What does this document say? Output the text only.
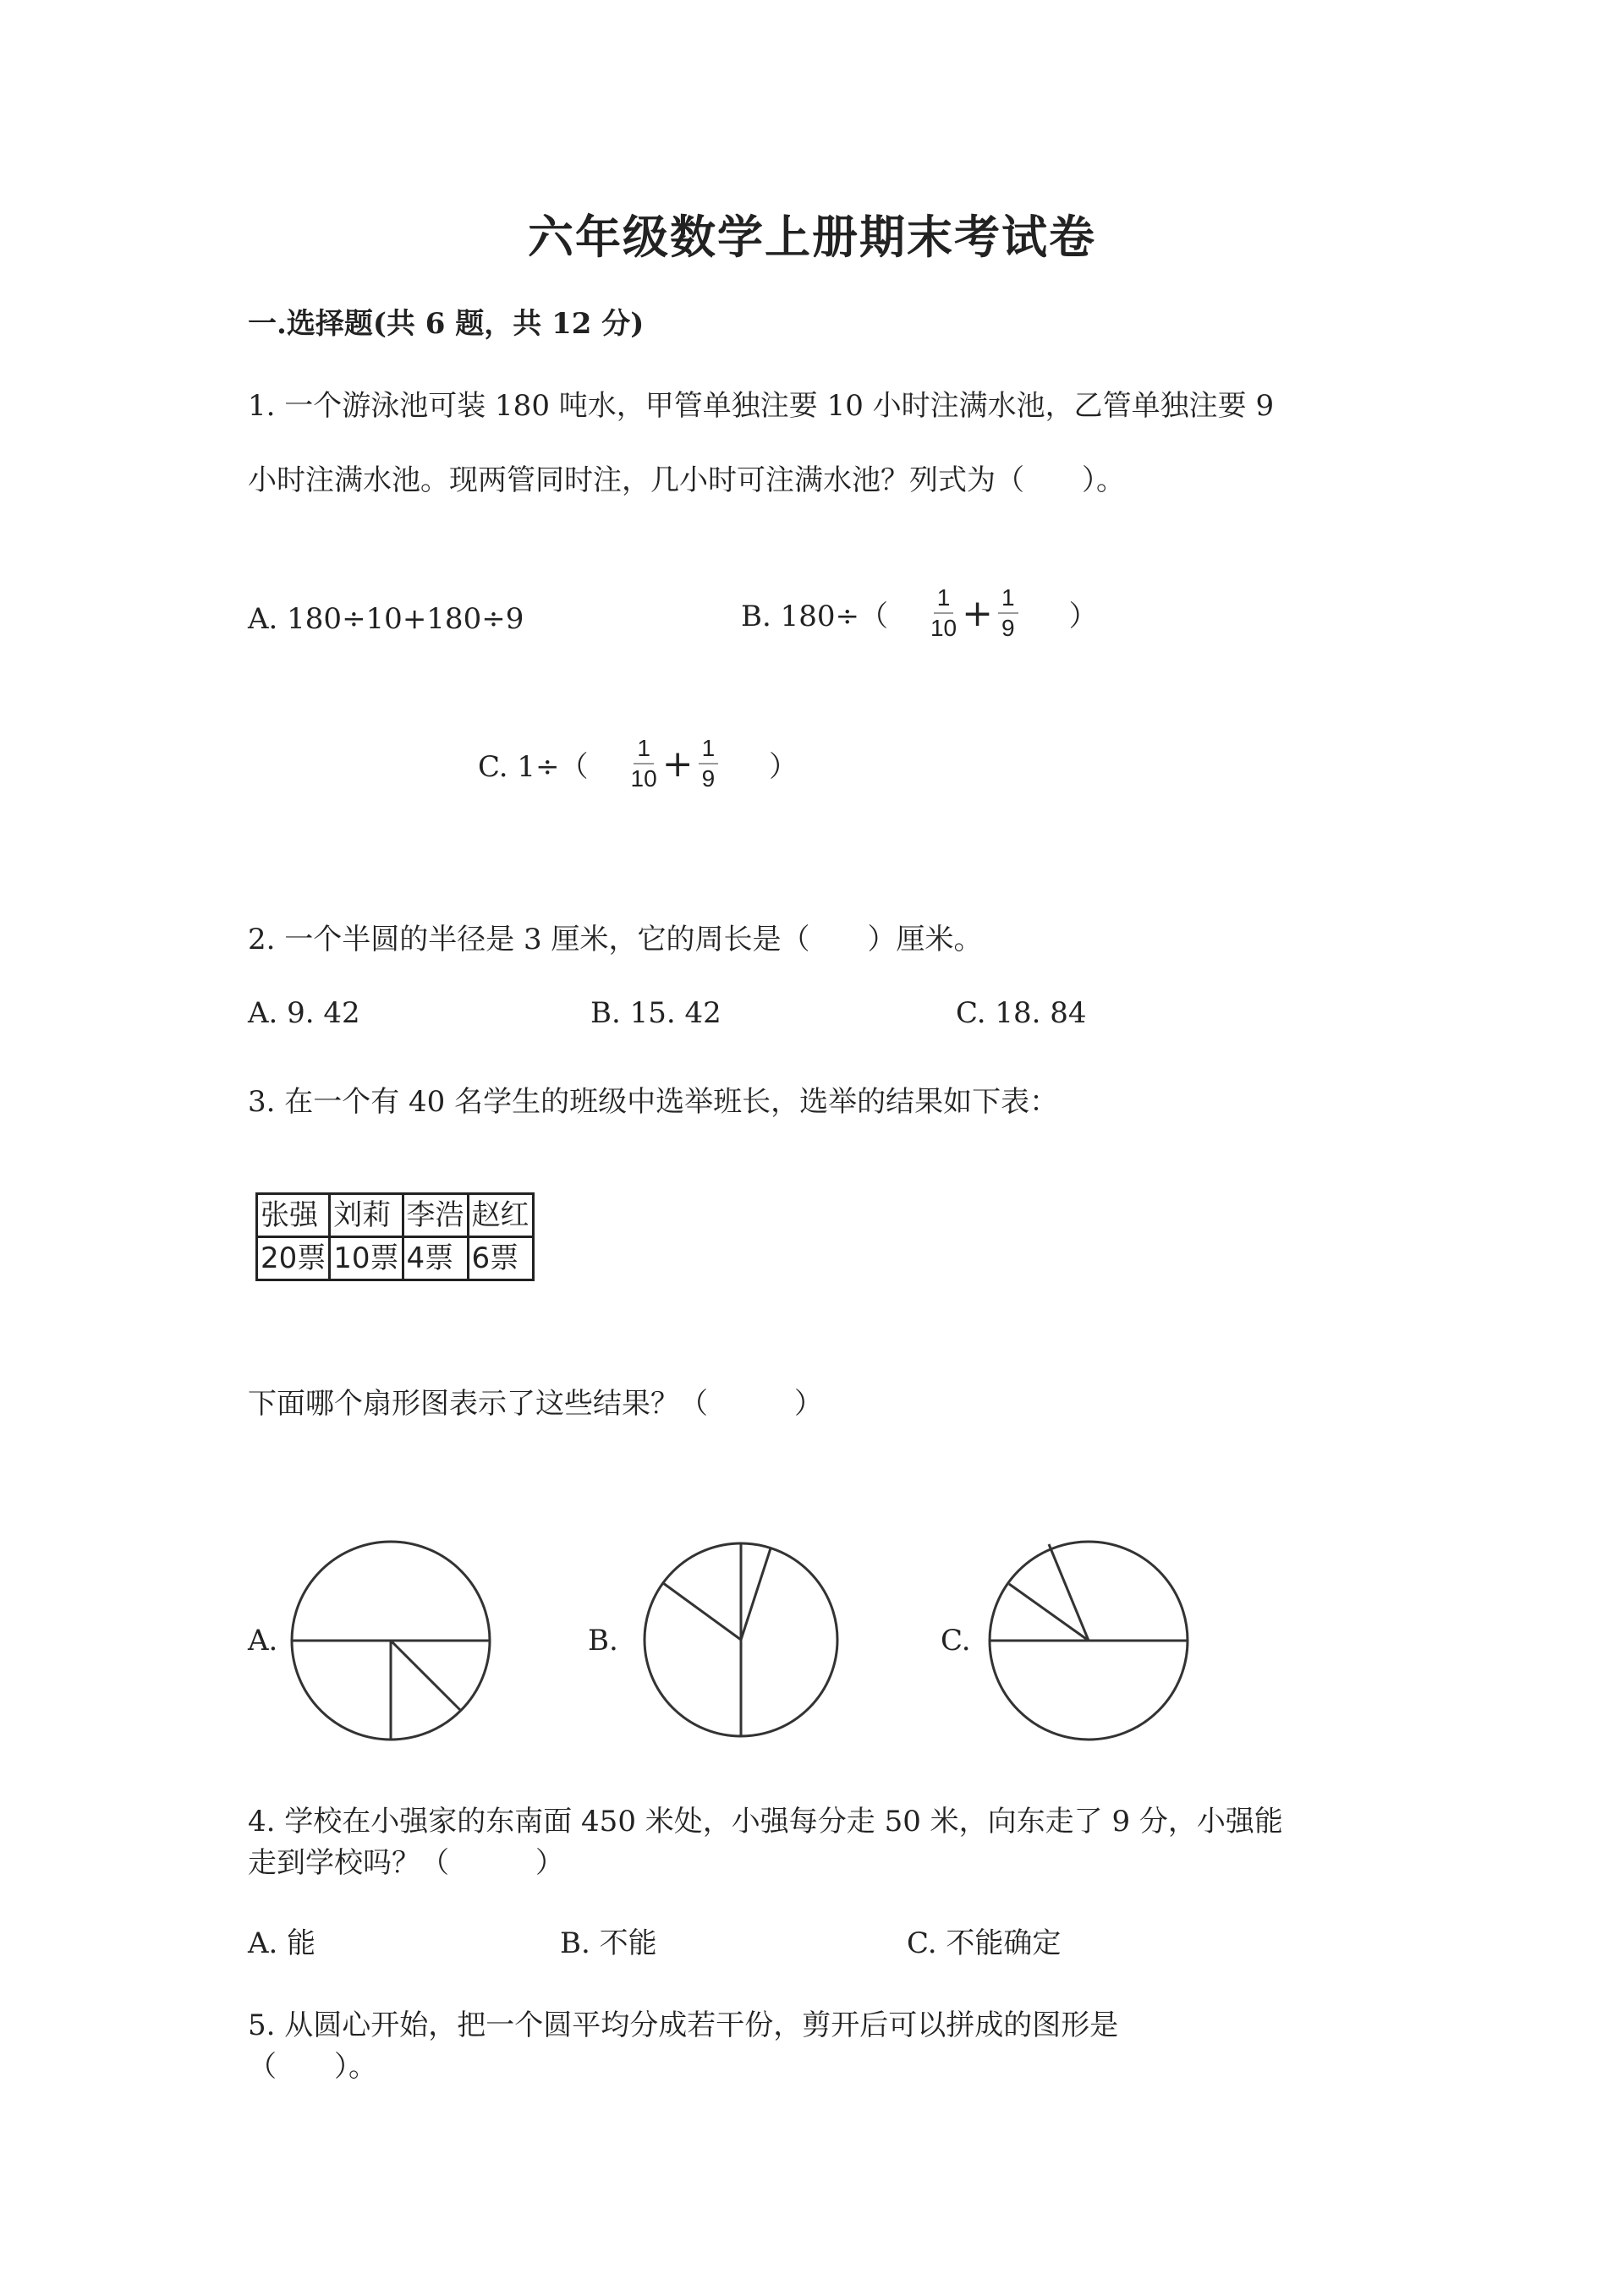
六年级数学上册期末考试卷
一.选择题(共 6 题，共 12 分)
1. 一个游泳池可装 180 吨水，甲管单独注要 10 小时注满水池，乙管单独注要 9
小时注满水池。现两管同时注，几小时可注满水池？列式为（　　）。
A. 180÷10+180÷9	B. $180\div( \frac{1}{10} + \frac{1}{9}$ ）
C. $1\div( \frac{1}{10} + \frac{1}{9}$ ）
2. 一个半圆的半径是 3 厘米，它的周长是（　　）厘米。
A. 9. 42	B. 15. 42	C. 18. 84
3. 在一个有 40 名学生的班级中选举班长，选举的结果如下表：
张强	刘莉	李浩	赵红
20票	10票	4票	6票
下面哪个扇形图表示了这些结果？（　　　）
A.	B.	C.
4. 学校在小强家的东南面 450 米处，小强每分走 50 米，向东走了 9 分，小强能
走到学校吗？（　　　）
A. 能	B. 不能	C. 不能确定
5. 从圆心开始，把一个圆平均分成若干份，剪开后可以拼成的图形是
（　　）。
